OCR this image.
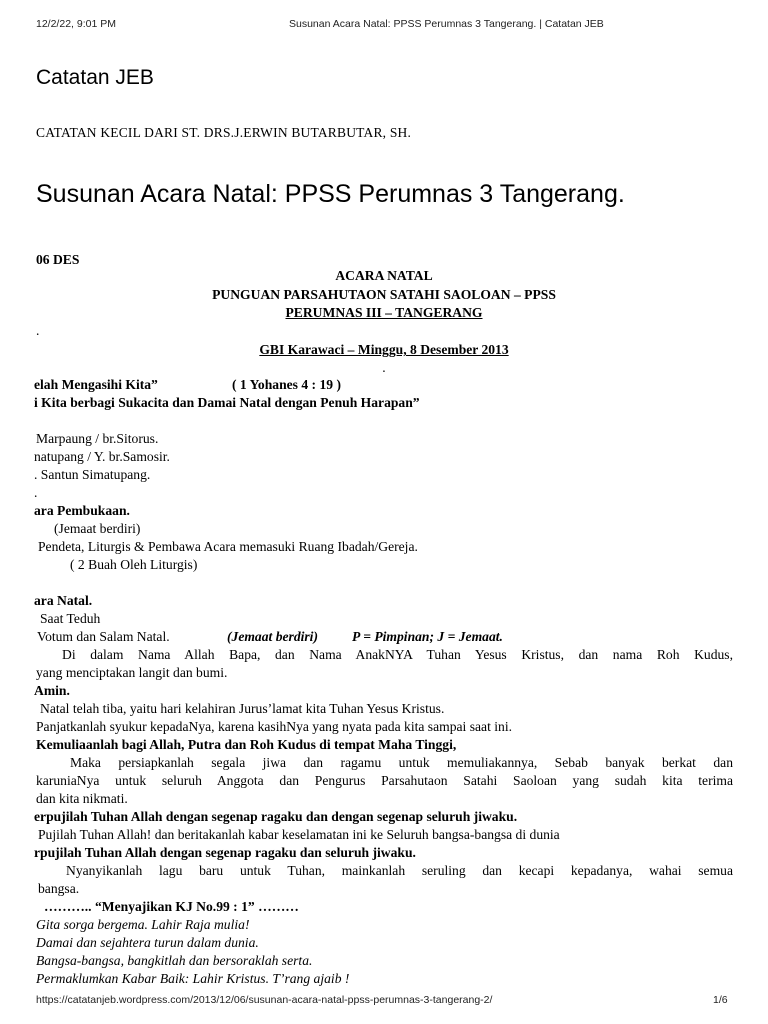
12/2/22, 9:01 PM	Susunan Acara Natal: PPSS Perumnas 3 Tangerang. | Catatan JEB
Catatan JEB
CATATAN KECIL DARI ST. DRS.J.ERWIN BUTARBUTAR, SH.
Susunan Acara Natal: PPSS Perumnas 3 Tangerang.
06 DES
ACARA NATAL
PUNGUAN PARSAHUTAON SATAHI SAOLOAN – PPSS
PERUMNAS III – TANGERANG
.
GBI Karawaci – Minggu, 8 Desember 2013
.
elah Mengasihi Kita”	( 1 Yohanes 4 : 19 )
i Kita berbagi Sukacita dan Damai Natal dengan Penuh Harapan”
Marpaung / br.Sitorus.
natupang / Y. br.Samosir.
. Santun Simatupang.
.
ara Pembukaan.
(Jemaat berdiri)
Pendeta, Liturgis & Pembawa Acara memasuki Ruang Ibadah/Gereja.
( 2 Buah Oleh Liturgis)
ara Natal.
Saat Teduh
Votum dan Salam Natal.	(Jemaat berdiri)	P = Pimpinan; J = Jemaat.
Di dalam Nama Allah Bapa, dan Nama AnakNYA Tuhan Yesus Kristus, dan nama Roh Kudus,
yang menciptakan langit dan bumi.
Amin.
Natal telah tiba, yaitu hari kelahiran Jurus’lamat kita Tuhan Yesus Kristus.
Panjatkanlah syukur kepadaNya, karena kasihNya yang nyata pada kita sampai saat ini.
Kemuliaanlah bagi Allah, Putra dan Roh Kudus di tempat Maha Tinggi,
Maka persiapkanlah segala jiwa dan ragamu untuk memuliakannya, Sebab banyak berkat dan
karuniaNya untuk seluruh Anggota dan Pengurus Parsahutaon Satahi Saoloan yang sudah kita terima
dan kita nikmati.
erpujilah Tuhan Allah dengan segenap ragaku dan dengan segenap seluruh jiwaku.
Pujilah Tuhan Allah! dan beritakanlah kabar keselamatan ini ke Seluruh bangsa-bangsa di dunia
rpujilah Tuhan Allah dengan segenap ragaku dan seluruh jiwaku.
Nyanyikanlah lagu baru untuk Tuhan, mainkanlah seruling dan kecapi kepadanya, wahai semua
bangsa.
……….. “Menyajikan KJ No.99 : 1” ………
Gita sorga bergema. Lahir Raja mulia!
Damai dan sejahtera turun dalam dunia.
Bangsa-bangsa, bangkitlah dan bersoraklah serta.
Permaklumkan Kabar Baik: Lahir Kristus. T’rang ajaib !
https://catatanjeb.wordpress.com/2013/12/06/susunan-acara-natal-ppss-perumnas-3-tangerang-2/	1/6
